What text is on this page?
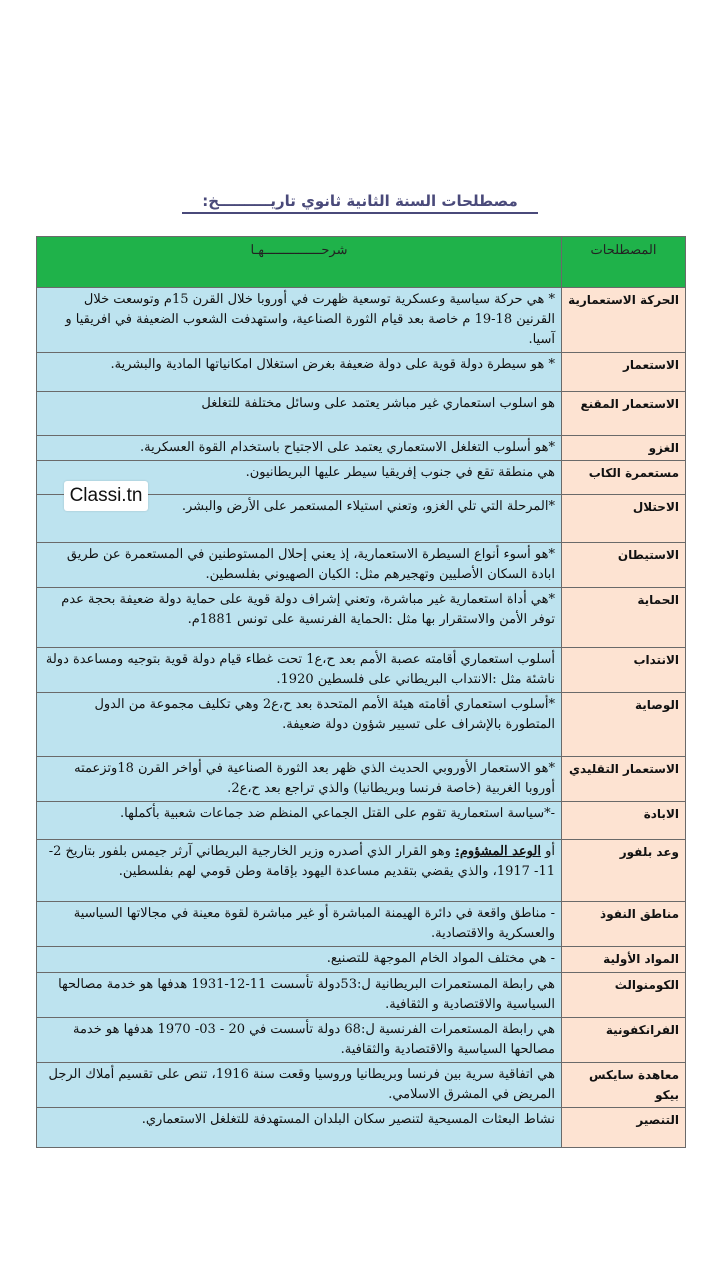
مصطلحات السنة الثانية ثانوي تاريــــــــــخ:
المصطلحات	شرحـــــــــــــــهـا
الحركة الاستعمارية	* هي حركة سياسية وعسكرية توسعية ظهرت في أوروبا خلال القرن 15م وتوسعت خلال القرنين 18-19 م خاصة بعد قيام الثورة الصناعية، واستهدفت الشعوب الضعيفة في افريقيا و آسيا.
الاستعمار	* هو سيطرة دولة قوية على دولة ضعيفة بغرض استغلال امكانياتها المادية والبشرية.
الاستعمار المقنع	هو اسلوب استعماري غير مباشر يعتمد على وسائل مختلفة للتغلغل
الغزو	*هو أسلوب التغلغل الاستعماري يعتمد على الاجتياح باستخدام القوة العسكرية.
مستعمرة الكاب	هي منطقة تقع في جنوب إفريقيا سيطر عليها البريطانيون.
الاحتلال	*المرحلة التي تلي الغزو، وتعني استيلاء المستعمر على الأرض والبشر.
الاستيطان	*هو أسوء أنواع السيطرة الاستعمارية، إذ يعني إحلال المستوطنين في المستعمرة عن طريق ابادة السكان الأصليين وتهجيرهم مثل: الكيان الصهيوني بفلسطين.
الحماية	*هي أداة استعمارية غير مباشرة، وتعني إشراف دولة قوية على حماية دولة ضعيفة بحجة عدم توفر الأمن والاستقرار بها مثل :الحماية الفرنسية على تونس 1881م.
الانتداب	أسلوب استعماري أقامته عصبة الأمم بعد ح،ع1 تحت غطاء قيام دولة قوية بتوجيه ومساعدة دولة ناشئة مثل :الانتداب البريطاني على فلسطين 1920.
الوصاية	*أسلوب استعماري أقامته هيئة الأمم المتحدة بعد ح،ع2 وهي تكليف مجموعة من الدول المتطورة بالإشراف على تسيير شؤون دولة ضعيفة.
الاستعمار التقليدي	*هو الاستعمار الأوروبي الحديث الذي ظهر بعد الثورة الصناعية في أواخر القرن 18وتزعمته أوروبا الغربية (خاصة فرنسا وبريطانيا) والذي تراجع بعد ح،ع2.
الابادة	-*سياسة استعمارية تقوم على القتل الجماعي المنظم ضد جماعات شعبية بأكملها.
وعد بلفور	أو الوعد المشؤوم: وهو القرار الذي أصدره وزير الخارجية البريطاني آرثر جيمس بلفور بتاريخ 2-11- 1917، والذي يقضي بتقديم مساعدة اليهود بإقامة وطن قومي لهم بفلسطين.
مناطق النفوذ	- مناطق واقعة في دائرة الهيمنة المباشرة أو غير مباشرة لقوة معينة في مجالاتها السياسية والعسكرية والاقتصادية.
المواد الأولية	- هي مختلف المواد الخام الموجهة للتصنيع.
الكومنوالث	هي رابطة المستعمرات البريطانية ل:53دولة تأسست 11-12-1931 هدفها هو خدمة مصالحها السياسية والاقتصادية و الثقافية.
الفرانكفونية	هي رابطة المستعمرات الفرنسية ل:68 دولة تأسست في 20 - 03- 1970 هدفها هو خدمة مصالحها السياسية والاقتصادية والثقافية.
معاهدة سايكس بيكو	هي اتفاقية سرية بين فرنسا وبريطانيا وروسيا وقعت سنة 1916، تنص على تقسيم أملاك الرجل المريض في المشرق الاسلامي.
التنصير	نشاط البعثات المسيحية لتنصير سكان البلدان المستهدفة للتغلغل الاستعماري.
Classi.tn
